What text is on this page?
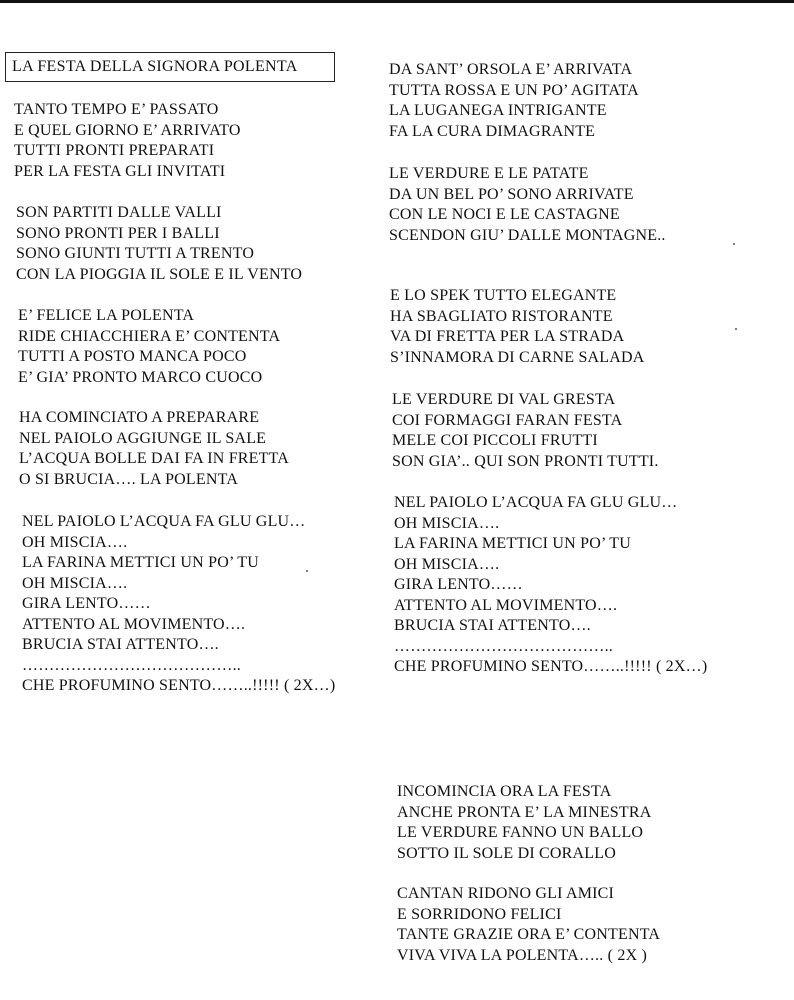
LA FESTA DELLA SIGNORA POLENTA
TANTO TEMPO E’ PASSATO
E QUEL GIORNO E’ ARRIVATO
TUTTI PRONTI PREPARATI
PER LA FESTA GLI INVITATI
SON PARTITI DALLE VALLI
SONO PRONTI PER I BALLI
SONO GIUNTI TUTTI A TRENTO
CON LA PIOGGIA IL SOLE E IL VENTO
E’ FELICE LA POLENTA
RIDE CHIACCHIERA E’ CONTENTA
TUTTI A POSTO MANCA POCO
E’ GIA’ PRONTO MARCO CUOCO
HA COMINCIATO A PREPARARE
NEL PAIOLO AGGIUNGE IL SALE
L’ACQUA BOLLE DAI FA IN FRETTA
O SI BRUCIA…. LA POLENTA
NEL PAIOLO L’ACQUA FA GLU GLU…
OH MISCIA….
LA FARINA METTICI UN PO’ TU
OH MISCIA….
GIRA LENTO……
ATTENTO AL MOVIMENTO….
BRUCIA STAI ATTENTO….
…………………………………..
CHE PROFUMINO SENTO……..!!!!! ( 2X…)
DA SANT’ ORSOLA E’ ARRIVATA
TUTTA ROSSA E UN PO’ AGITATA
LA LUGANEGA INTRIGANTE
FA LA CURA DIMAGRANTE
LE VERDURE E LE PATATE
DA UN BEL PO’ SONO ARRIVATE
CON LE NOCI E LE CASTAGNE
SCENDON GIU’ DALLE MONTAGNE..
E LO SPEK TUTTO ELEGANTE
HA SBAGLIATO RISTORANTE
VA DI FRETTA PER LA STRADA
S’INNAMORA DI CARNE SALADA
LE VERDURE DI VAL GRESTA
COI FORMAGGI FARAN FESTA
MELE COI PICCOLI FRUTTI
SON GIA’.. QUI SON PRONTI TUTTI.
NEL PAIOLO L’ACQUA FA GLU GLU…
OH MISCIA….
LA FARINA METTICI UN PO’ TU
OH MISCIA….
GIRA LENTO……
ATTENTO AL MOVIMENTO….
BRUCIA STAI ATTENTO….
…………………………………..
CHE PROFUMINO SENTO……..!!!!! ( 2X…)
INCOMINCIA ORA LA FESTA
ANCHE PRONTA E’ LA MINESTRA
LE VERDURE FANNO UN BALLO
SOTTO IL SOLE DI CORALLO
CANTAN RIDONO GLI AMICI
E SORRIDONO FELICI
TANTE GRAZIE ORA E’ CONTENTA
VIVA VIVA LA POLENTA….. ( 2X )
